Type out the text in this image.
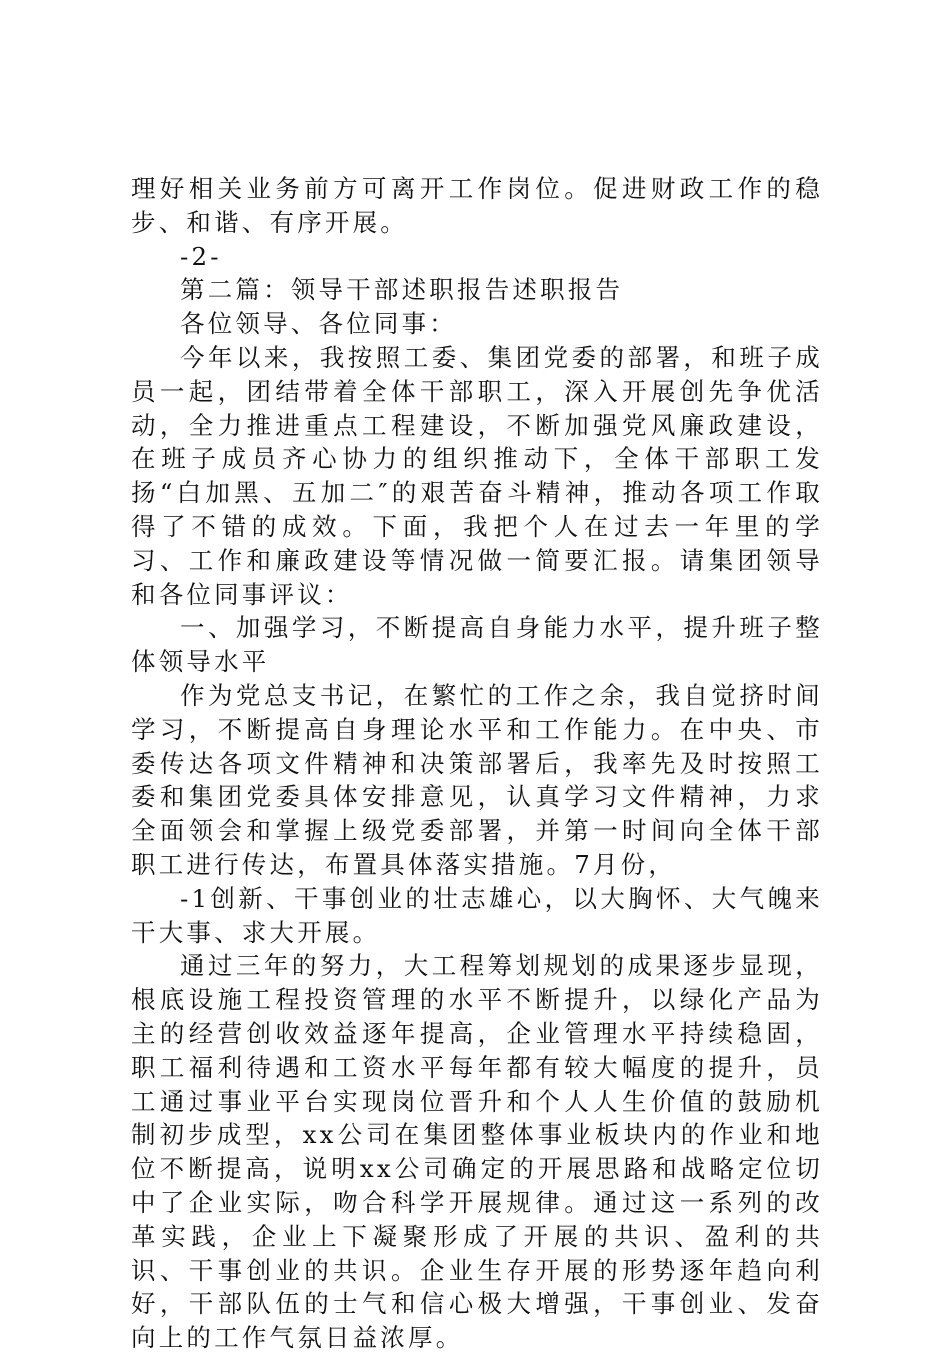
理好相关业务前方可离开工作岗位。促进财政工作的稳步、和谐、有序开展。

-2-

第二篇：领导干部述职报告述职报告

各位领导、各位同事：

今年以来，我按照工委、集团党委的部署，和班子成员一起，团结带着全体干部职工，深入开展创先争优活动，全力推进重点工程建设，不断加强党风廉政建设，在班子成员齐心协力的组织推动下，全体干部职工发扬“白加黑、五加二″的艰苦奋斗精神，推动各项工作取得了不错的成效。下面，我把个人在过去一年里的学习、工作和廉政建设等情况做一简要汇报。请集团领导和各位同事评议：

一、加强学习，不断提高自身能力水平，提升班子整体领导水平

作为党总支书记，在繁忙的工作之余，我自觉挤时间学习，不断提高自身理论水平和工作能力。在中央、市委传达各项文件精神和决策部署后，我率先及时按照工委和集团党委具体安排意见，认真学习文件精神，力求全面领会和掌握上级党委部署，并第一时间向全体干部职工进行传达，布置具体落实措施。7月份，

-1创新、干事创业的壮志雄心，以大胸怀、大气魄来干大事、求大开展。

通过三年的努力，大工程筹划规划的成果逐步显现，根底设施工程投资管理的水平不断提升，以绿化产品为主的经营创收效益逐年提高，企业管理水平持续稳固，职工福利待遇和工资水平每年都有较大幅度的提升，员工通过事业平台实现岗位晋升和个人人生价值的鼓励机制初步成型，xx公司在集团整体事业板块内的作业和地位不断提高，说明xx公司确定的开展思路和战略定位切中了企业实际，吻合科学开展规律。通过这一系列的改革实践，企业上下凝聚形成了开展的共识、盈利的共识、干事创业的共识。企业生存开展的形势逐年趋向利好，干部队伍的士气和信心极大增强，干事创业、发奋向上的工作气氛日益浓厚。
